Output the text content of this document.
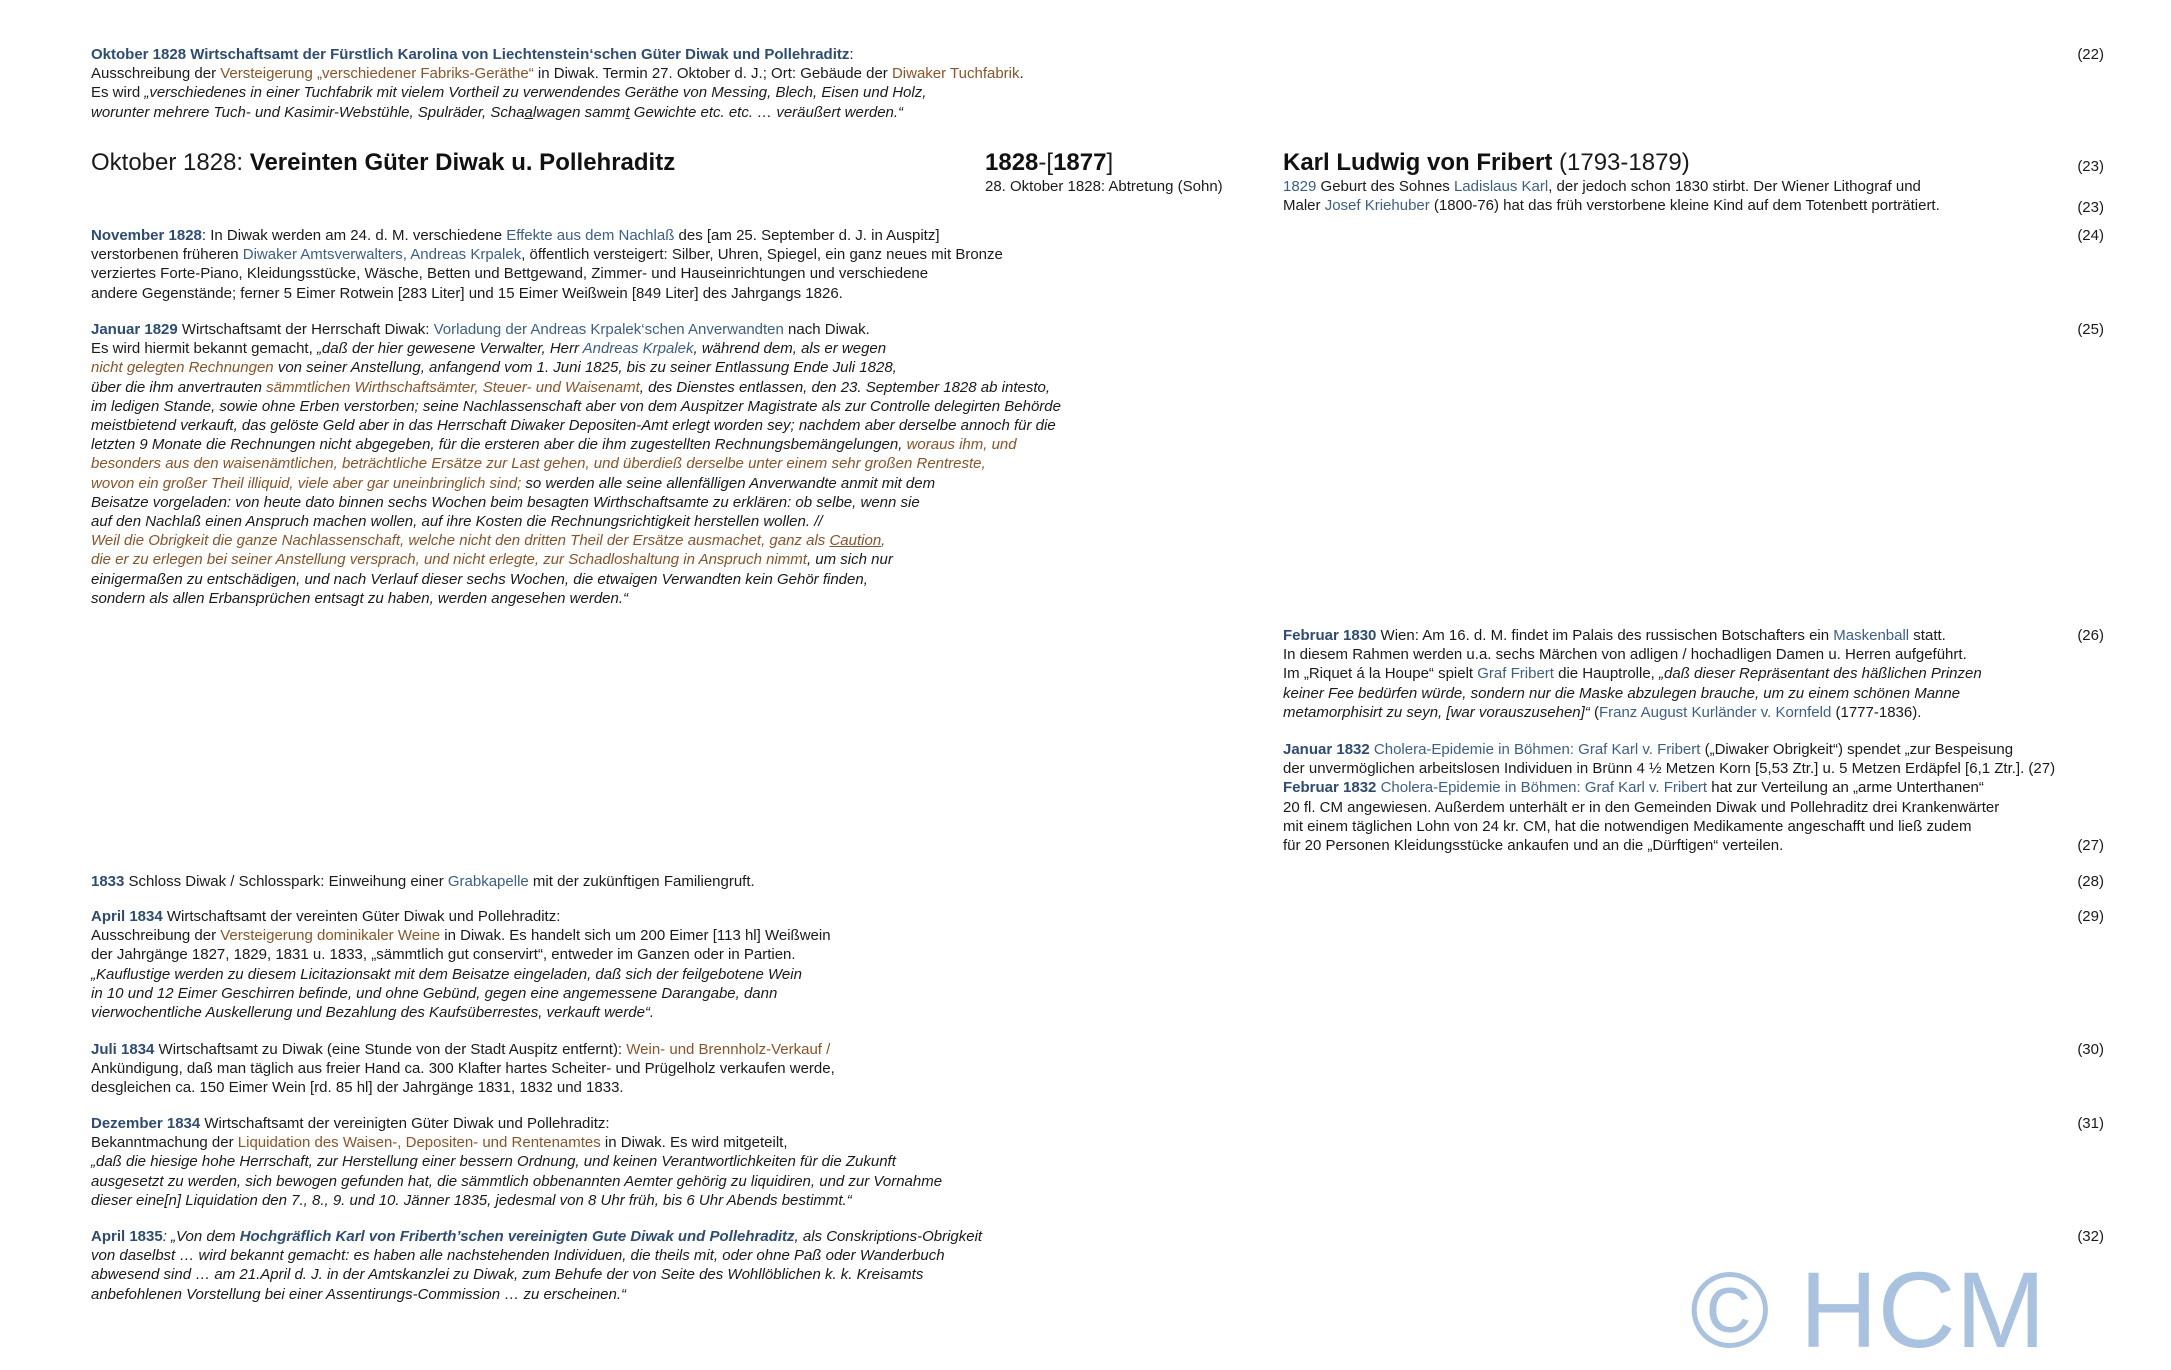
Oktober 1828 Wirtschaftsamt der Fürstlich Karolina von Liechtenstein‘schen Güter Diwak und Pollehraditz:
Ausschreibung der Versteigerung „verschiedener Fabriks-Geräthe“ in Diwak. Termin 27. Oktober d. J.; Ort: Gebäude der Diwaker Tuchfabrik.
Es wird „verschiedenes in einer Tuchfabrik mit vielem Vortheil zu verwendendes Geräthe von Messing, Blech, Eisen und Holz,
worunter mehrere Tuch- und Kasimir-Webstühle, Spulräder, Schaalwagen sammt Gewichte etc. etc. … veräußert werden.“
(22)
Oktober 1828: Vereinten Güter Diwak u. Pollehraditz	1828-[1877]
28. Oktober 1828: Abtretung (Sohn)
Karl Ludwig von Fribert (1793-1879)	(23)
1829 Geburt des Sohnes Ladislaus Karl, der jedoch schon 1830 stirbt. Der Wiener Lithograf und
Maler Josef Kriehuber (1800-76) hat das früh verstorbene kleine Kind auf dem Totenbett porträtiert.	(23)
November 1828: In Diwak werden am 24. d. M. verschiedene Effekte aus dem Nachlaß des [am 25. September d. J. in Auspitz]
verstorbenen früheren Diwaker Amtsverwalters, Andreas Krpalek, öffentlich versteigert: Silber, Uhren, Spiegel, ein ganz neues mit Bronze
verziertes Forte-Piano, Kleidungsstücke, Wäsche, Betten und Bettgewand, Zimmer- und Hauseinrichtungen und verschiedene
andere Gegenstände; ferner 5 Eimer Rotwein [283 Liter] und 15 Eimer Weißwein [849 Liter] des Jahrgangs 1826.
(24)
Januar 1829 Wirtschaftsamt der Herrschaft Diwak: Vorladung der Andreas Krpalek‘schen Anverwandten nach Diwak.
Es wird hiermit bekannt gemacht, „daß der hier gewesene Verwalter, Herr Andreas Krpalek, während dem, als er wegen
nicht gelegten Rechnungen von seiner Anstellung, anfangend vom 1. Juni 1825, bis zu seiner Entlassung Ende Juli 1828,
über die ihm anvertrauten sämmtlichen Wirthschaftsämter, Steuer- und Waisenamt, des Dienstes entlassen, den 23. September 1828 ab intesto,
im ledigen Stande, sowie ohne Erben verstorben; seine Nachlassenschaft aber von dem Auspitzer Magistrate als zur Controlle delegirten Behörde
meistbietend verkauft, das gelöste Geld aber in das Herrschaft Diwaker Depositen-Amt erlegt worden sey; nachdem aber derselbe annoch für die
letzten 9 Monate die Rechnungen nicht abgegeben, für die ersteren aber die ihm zugestellten Rechnungsbemängelungen, woraus ihm, und
besonders aus den waisenämtlichen, beträchtliche Ersätze zur Last gehen, und überdieß derselbe unter einem sehr großen Rentreste,
wovon ein großer Theil illiquid, viele aber gar uneinbringlich sind; so werden alle seine allenfälligen Anverwandte anmit mit dem
Beisatze vorgeladen: von heute dato binnen sechs Wochen beim besagten Wirthschaftsamte zu erklären: ob selbe, wenn sie
auf den Nachlaß einen Anspruch machen wollen, auf ihre Kosten die Rechnungsrichtigkeit herstellen wollen. //
Weil die Obrigkeit die ganze Nachlassenschaft, welche nicht den dritten Theil der Ersätze ausmachet, ganz als Caution,
die er zu erlegen bei seiner Anstellung versprach, und nicht erlegte, zur Schadloshaltung in Anspruch nimmt, um sich nur
einigermaßen zu entschädigen, und nach Verlauf dieser sechs Wochen, die etwaigen Verwandten kein Gehör finden,
sondern als allen Erbansprüchen entsagt zu haben, werden angesehen werden.“
(25)
Februar 1830 Wien: Am 16. d. M. findet im Palais des russischen Botschafters ein Maskenball statt.
In diesem Rahmen werden u.a. sechs Märchen von adligen / hochadligen Damen u. Herren aufgeführt.
Im „Riquet á la Houpe“ spielt Graf Fribert die Hauptrolle, „daß dieser Repräsentant des häßlichen Prinzen
keiner Fee bedürfen würde, sondern nur die Maske abzulegen brauche, um zu einem schönen Manne
metamorphisirt zu seyn, [war vorauszusehen]“ (Franz August Kurländer v. Kornfeld (1777-1836).
(26)
Januar 1832 Cholera-Epidemie in Böhmen: Graf Karl v. Fribert („Diwaker Obrigkeit“) spendet „zur Bespeisung
der unvermöglichen arbeitslosen Individuen in Brünn 4 ½ Metzen Korn [5,53 Ztr.] u. 5 Metzen Erdäpfel [6,1 Ztr.]. (27)
Februar 1832 Cholera-Epidemie in Böhmen: Graf Karl v. Fribert hat zur Verteilung an „arme Unterthanen“
20 fl. CM angewiesen. Außerdem unterhält er in den Gemeinden Diwak und Pollehraditz drei Krankenwärter
mit einem täglichen Lohn von 24 kr. CM, hat die notwendigen Medikamente angeschafft und ließ zudem
für 20 Personen Kleidungsstücke ankaufen und an die „Dürftigen“ verteilen.	(27)
1833 Schloss Diwak / Schlosspark: Einweihung einer Grabkapelle mit der zukünftigen Familiengruft.	(28)
April 1834 Wirtschaftsamt der vereinten Güter Diwak und Pollehraditz:
Ausschreibung der Versteigerung dominikaler Weine in Diwak. Es handelt sich um 200 Eimer [113 hl] Weißwein
der Jahrgänge 1827, 1829, 1831 u. 1833, „sämmtlich gut conservirt“, entweder im Ganzen oder in Partien.
„Kauflustige werden zu diesem Licitazionsakt mit dem Beisatze eingeladen, daß sich der feilgebotene Wein
in 10 und 12 Eimer Geschirren befinde, und ohne Gebünd, gegen eine angemessene Darangabe, dann
vierwochentliche Auskellerung und Bezahlung des Kaufsüberrestes, verkauft werde“.
(29)
Juli 1834 Wirtschaftsamt zu Diwak (eine Stunde von der Stadt Auspitz entfernt): Wein- und Brennholz-Verkauf /
Ankündigung, daß man täglich aus freier Hand ca. 300 Klafter hartes Scheiter- und Prügelholz verkaufen werde,
desgleichen ca. 150 Eimer Wein [rd. 85 hl] der Jahrgänge 1831, 1832 und 1833.
(30)
Dezember 1834 Wirtschaftsamt der vereinigten Güter Diwak und Pollehraditz:
Bekanntmachung der Liquidation des Waisen-, Depositen- und Rentenamtes in Diwak. Es wird mitgeteilt,
„daß die hiesige hohe Herrschaft, zur Herstellung einer bessern Ordnung, und keinen Verantwortlichkeiten für die Zukunft
ausgesetzt zu werden, sich bewogen gefunden hat, die sämmtlich obbenannten Aemter gehörig zu liquidiren, und zur Vornahme
dieser eine[n] Liquidation den 7., 8., 9. und 10. Jänner 1835, jedesmal von 8 Uhr früh, bis 6 Uhr Abends bestimmt.“
(31)
April 1835: „Von dem Hochgräflich Karl von Friberth’schen vereinigten Gute Diwak und Pollehraditz, als Conskriptions-Obrigkeit
von daselbst … wird bekannt gemacht: es haben alle nachstehenden Individuen, die theils mit, oder ohne Paß oder Wanderbuch
abwesend sind … am 21.April d. J. in der Amtskanzlei zu Diwak, zum Behufe der von Seite des Wohllöblichen k. k. Kreisamts
anbefohlenen Vorstellung bei einer Assentirungs-Commission … zu erscheinen.“
(32)
© HCM
